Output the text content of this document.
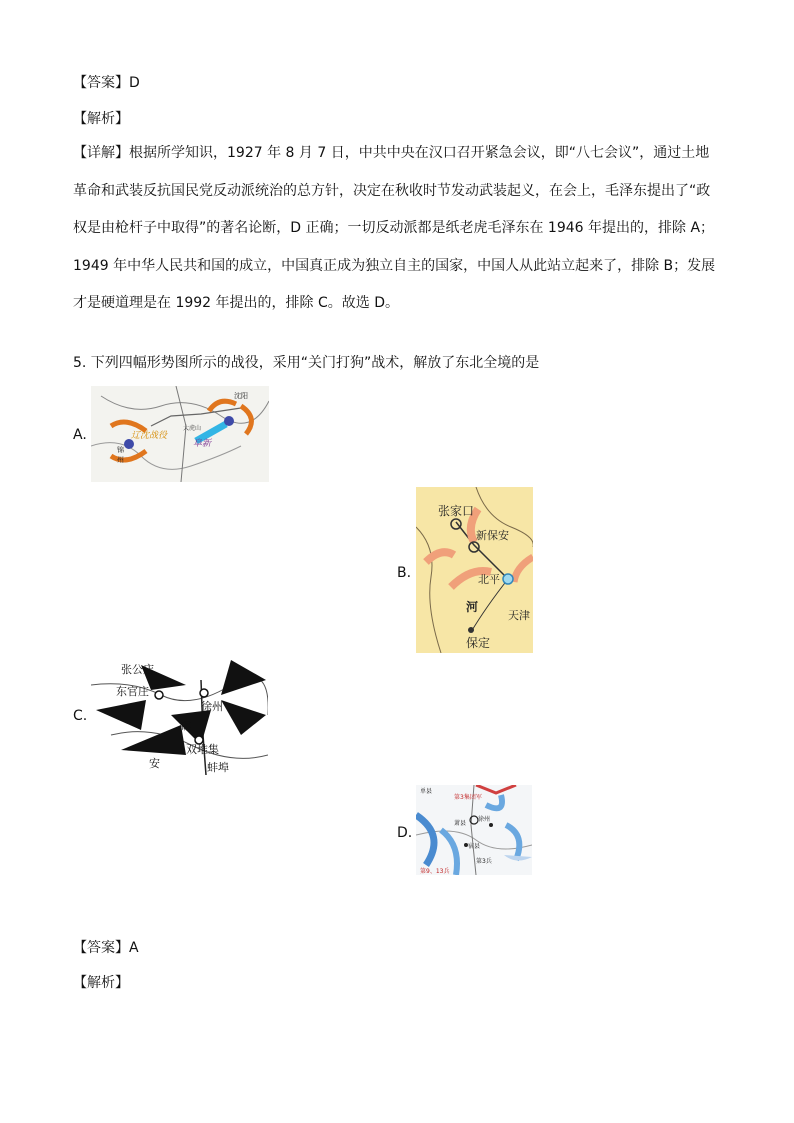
【答案】D
【解析】
【详解】根据所学知识，1927 年 8 月 7 日，中共中央在汉口召开紧急会议，即“八七会议”，通过土地革命和武装反抗国民党反动派统治的总方针，决定在秋收时节发动武装起义，在会上，毛泽东提出了“政权是由枪杆子中取得”的著名论断，D 正确；一切反动派都是纸老虎毛泽东在 1946 年提出的，排除 A；1949 年中华人民共和国的成立，中国真正成为独立自主的国家，中国人从此站立起来了，排除 B；发展才是硬道理是在 1992 年提出的，排除 C。故选 D。
5. 下列四幅形势图所示的战役，采用“关门打狗”战术，解放了东北全境的是
A.
沈阳
大虎山
阜新
辽沈战役
锦
州
B.
张家口
新保安
北平
河
天津
保定
C.
张公店
东官庄
徐州
碾
双堆集
安	蚌埠
D.
单县
第3集团军
徐州
萧县
宿县
第3兵
第9、13兵
【答案】A
【解析】
